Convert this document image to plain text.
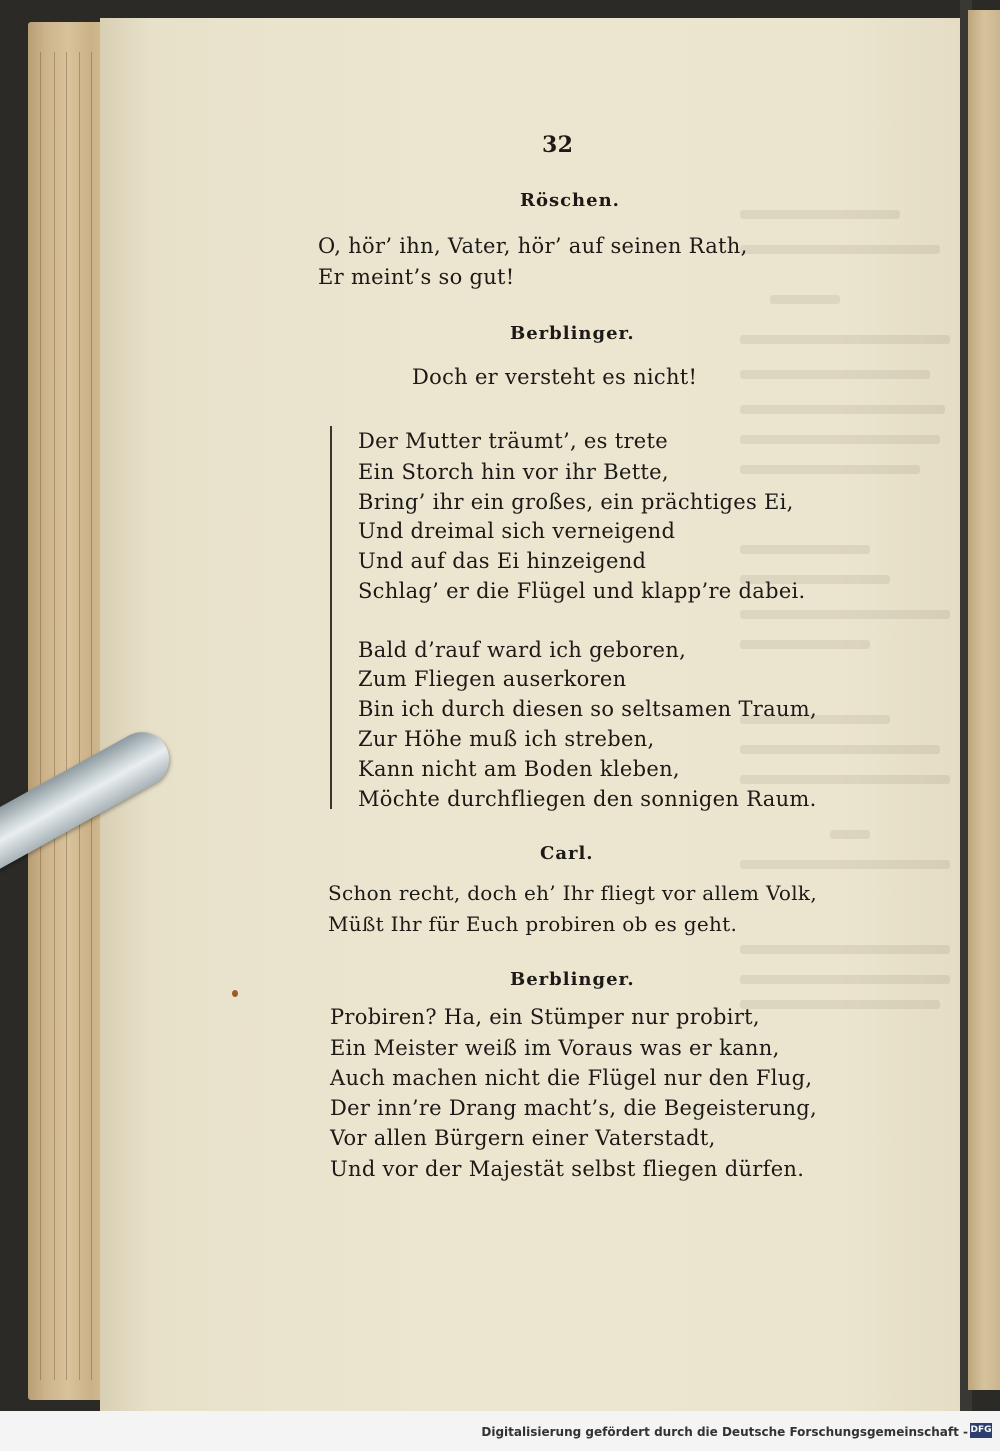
32
Röschen.
O, hör’ ihn, Vater, hör’ auf seinen Rath,
Er meint’s so gut!
Berblinger.
Doch er versteht es nicht!
Der Mutter träumt’, es trete
Ein Storch hin vor ihr Bette,
Bring’ ihr ein großes, ein prächtiges Ei,
Und dreimal sich verneigend
Und auf das Ei hinzeigend
Schlag’ er die Flügel und klapp’re dabei.
Bald d’rauf ward ich geboren,
Zum Fliegen auserkoren
Bin ich durch diesen so seltsamen Traum,
Zur Höhe muß ich streben,
Kann nicht am Boden kleben,
Möchte durchfliegen den sonnigen Raum.
Carl.
Schon recht, doch eh’ Ihr fliegt vor allem Volk,
Müßt Ihr für Euch probiren ob es geht.
Berblinger.
Probiren? Ha, ein Stümper nur probirt,
Ein Meister weiß im Voraus was er kann,
Auch machen nicht die Flügel nur den Flug,
Der inn’re Drang macht’s, die Begeisterung,
Vor allen Bürgern einer Vaterstadt,
Und vor der Majestät selbst fliegen dürfen.
Digitalisierung gefördert durch die Deutsche Forschungsgemeinschaft - DFG
